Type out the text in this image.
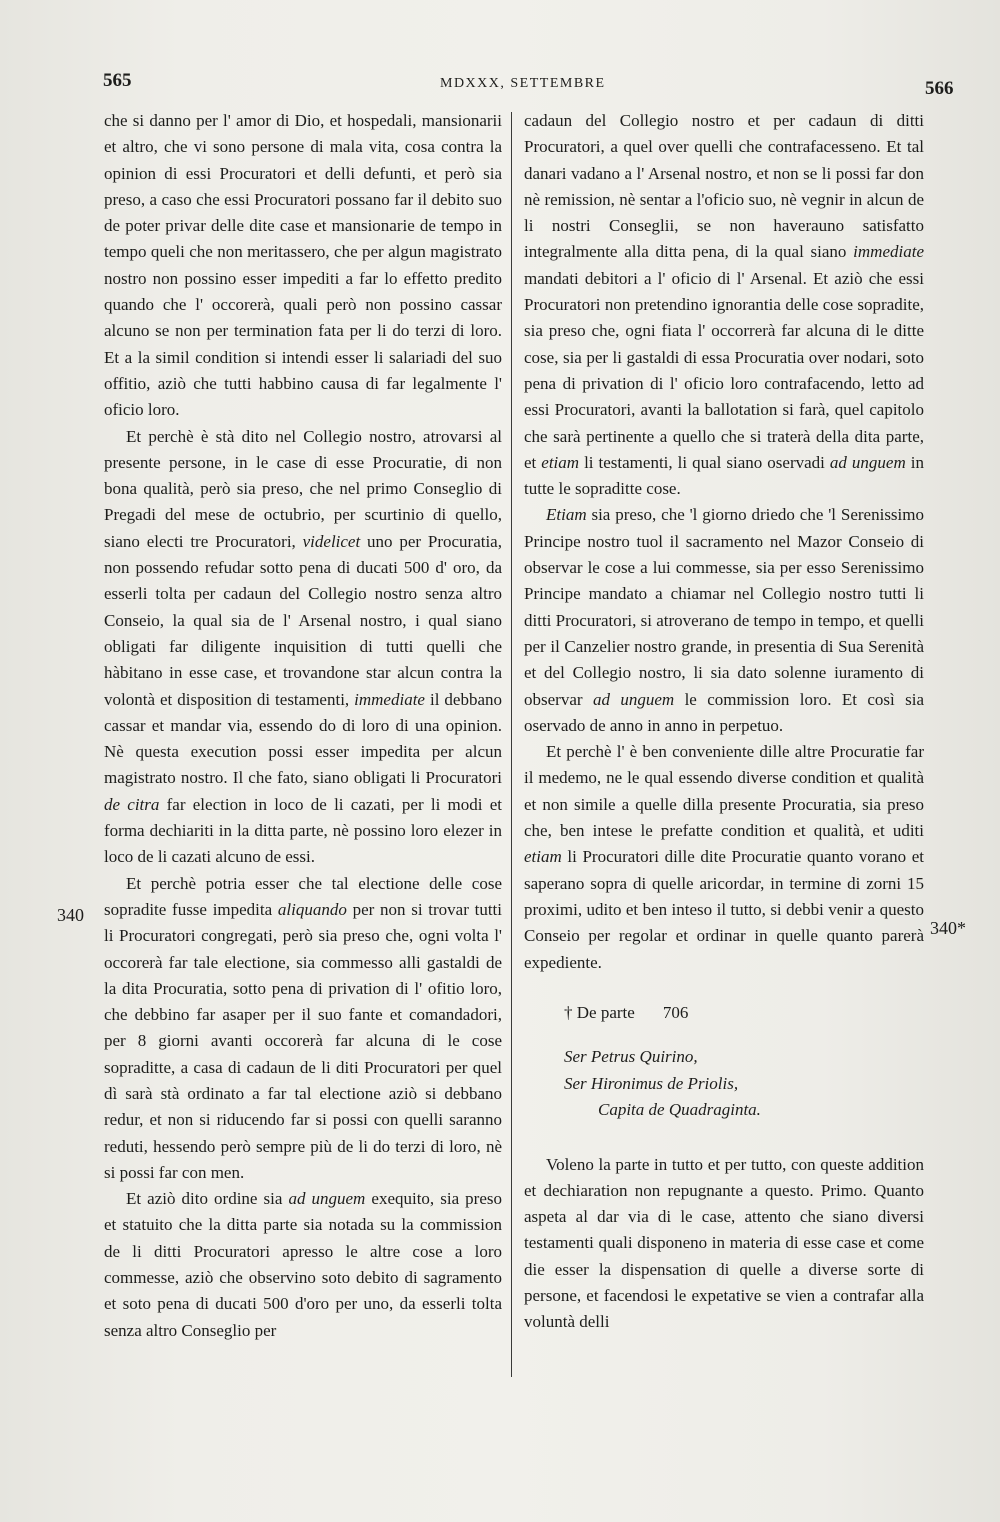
565	MDXXX, SETTEMBRE	566
340
340*

che si danno per l' amor di Dio, et hospedali, mansionarii et altro, che vi sono persone di mala vita, cosa contra la opinion di essi Procuratori et delli defunti, et però sia preso, a caso che essi Procuratori possano far il debito suo de poter privar delle dite case et mansionarie de tempo in tempo queli che non meritassero, che per algun magistrato nostro non possino esser impediti a far lo effetto predito quando che l' occorerà, quali però non possino cassar alcuno se non per termination fata per li do terzi di loro. Et a la simil condition si intendi esser li salariadi del suo offitio, aziò che tutti habbino causa di far legalmente l' oficio loro.

Et perchè è stà dito nel Collegio nostro, atrovarsi al presente persone, in le case di esse Procuratie, di non bona qualità, però sia preso, che nel primo Conseglio di Pregadi del mese de octubrio, per scurtinio di quello, siano electi tre Procuratori, videlicet uno per Procuratia, non possendo refudar sotto pena di ducati 500 d' oro, da esserli tolta per cadaun del Collegio nostro senza altro Conseio, la qual sia de l' Arsenal nostro, i qual siano obligati far diligente inquisition di tutti quelli che hàbitano in esse case, et trovandone star alcun contra la volontà et disposition di testamenti, immediate il debbano cassar et mandar via, essendo do di loro di una opinion. Nè questa execution possi esser impedita per alcun magistrato nostro. Il che fato, siano obligati li Procuratori de citra far election in loco de li cazati, per li modi et forma dechiariti in la ditta parte, nè possino loro elezer in loco de li cazati alcuno de essi.

Et perchè potria esser che tal electione delle cose sopradite fusse impedita aliquando per non si trovar tutti li Procuratori congregati, però sia preso che, ogni volta l' occorerà far tale electione, sia commesso alli gastaldi de la dita Procuratia, sotto pena di privation di l' ofitio loro, che debbino far asaper per il suo fante et comandadori, per 8 giorni avanti occorerà far alcuna di le cose sopraditte, a casa di cadaun de li diti Procuratori per quel dì sarà stà ordinato a far tal electione aziò si debbano redur, et non si riducendo far si possi con quelli saranno reduti, hessendo però sempre più de li do terzi di loro, nè si possi far con men.

Et aziò dito ordine sia ad unguem exequito, sia preso et statuito che la ditta parte sia notada su la commission de li ditti Procuratori apresso le altre cose a loro commesse, aziò che observino soto debito di sagramento et soto pena di ducati 500 d'oro per uno, da esserli tolta senza altro Conseglio per

cadaun del Collegio nostro et per cadaun di ditti Procuratori, a quel over quelli che contrafacesseno. Et tal danari vadano a l' Arsenal nostro, et non se li possi far don nè remission, nè sentar a l'oficio suo, nè vegnir in alcun de li nostri Conseglii, se non haverauno satisfatto integralmente alla ditta pena, di la qual siano immediate mandati debitori a l' oficio di l' Arsenal. Et aziò che essi Procuratori non pretendino ignorantia delle cose sopradite, sia preso che, ogni fiata l' occorrerà far alcuna di le ditte cose, sia per li gastaldi di essa Procuratia over nodari, soto pena di privation di l' oficio loro contrafacendo, letto ad essi Procuratori, avanti la ballotation si farà, quel capitolo che sarà pertinente a quello che si traterà della dita parte, et etiam li testamenti, li qual siano oservadi ad unguem in tutte le sopraditte cose.

Etiam sia preso, che 'l giorno driedo che 'l Serenissimo Principe nostro tuol il sacramento nel Mazor Conseio di observar le cose a lui commesse, sia per esso Serenissimo Principe mandato a chiamar nel Collegio nostro tutti li ditti Procuratori, si atroverano de tempo in tempo, et quelli per il Canzelier nostro grande, in presentia di Sua Serenità et del Collegio nostro, li sia dato solenne iuramento di observar ad unguem le commission loro. Et così sia oservado de anno in anno in perpetuo.

Et perchè l' è ben conveniente dille altre Procuratie far il medemo, ne le qual essendo diverse condition et qualità et non simile a quelle dilla presente Procuratia, sia preso che, ben intese le prefatte condition et qualità, et uditi etiam li Procuratori dille dite Procuratie quanto vorano et saperano sopra di quelle aricordar, in termine di zorni 15 proximi, udito et ben inteso il tutto, si debbi venir a questo Conseio per regolar et ordinar in quelle quanto parerà expediente.

† De parte 706
Ser Petrus Quirino,
Ser Hironimus de Priolis,
Capita de Quadraginta.

Voleno la parte in tutto et per tutto, con queste addition et dechiaration non repugnante a questo. Primo. Quanto aspeta al dar via di le case, attento che siano diversi testamenti quali disponeno in materia di esse case et come die esser la dispensation di quelle a diverse sorte di persone, et facendosi le expetative se vien a contrafar alla voluntà delli
